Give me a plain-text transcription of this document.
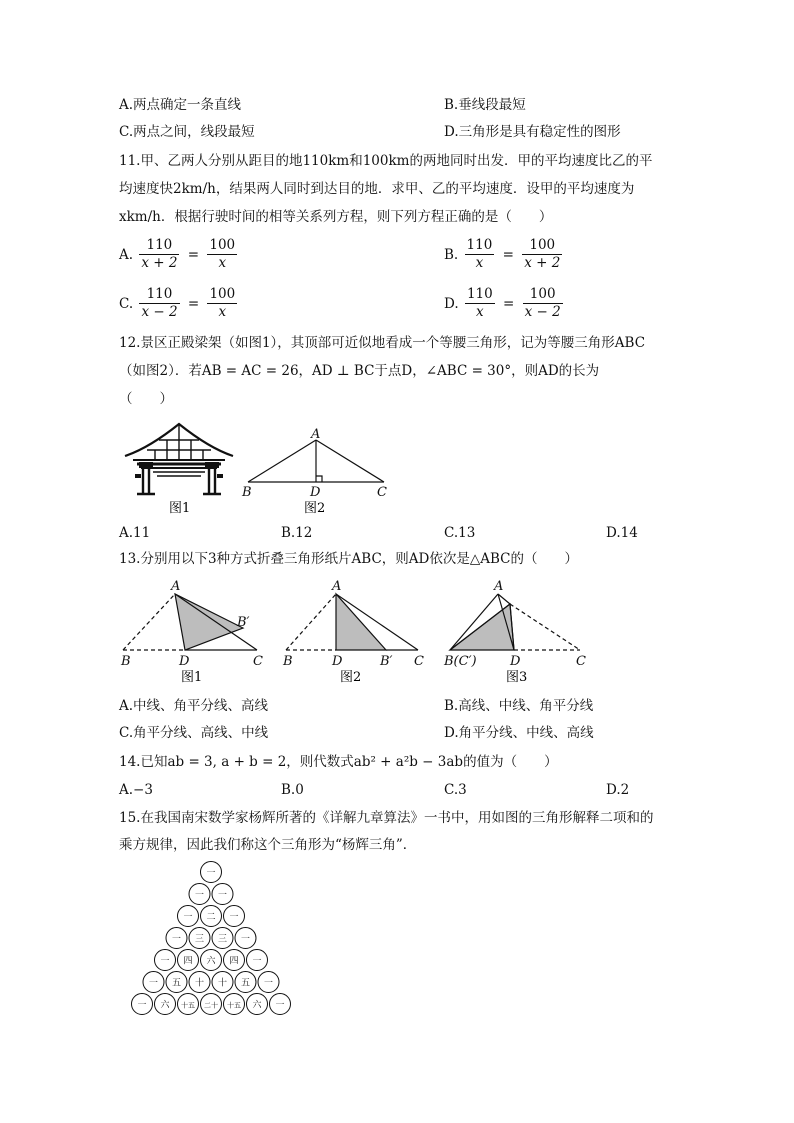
A.两点确定一条直线	B.垂线段最短
C.两点之间，线段最短	D.三角形是具有稳定性的图形
11.甲、乙两人分别从距目的地110km和100km的两地同时出发．甲的平均速度比乙的平
均速度快2km/h，结果两人同时到达目的地．求甲、乙的平均速度．设甲的平均速度为
xkm/h．根据行驶时间的相等关系列方程，则下列方程正确的是（　　）
A. $\frac{110}{x + 2} = \frac{100}{x}$	B. $\frac{110}{x} = \frac{100}{x + 2}$
C. $\frac{110}{x - 2} = \frac{100}{x}$	D. $\frac{110}{x} = \frac{100}{x - 2}$
12.景区正殿梁架（如图1），其顶部可近似地看成一个等腰三角形，记为等腰三角形ABC
（如图2）．若AB = AC = 26，AD ⊥ BC于点D，∠ABC = 30°，则AD的长为
（　　）
图1
A
B	D	C
图2
A.11	B.12	C.13	D.14
13.分别用以下3种方式折叠三角形纸片ABC，则AD依次是△ABC的（　　）
A
B	D	C
B′
图1
A
B	D	B′ C
图2
A
B(C′)	D	C
图3
A.中线、角平分线、高线	B.高线、中线、角平分线
C.角平分线、高线、中线	D.角平分线、中线、高线
14.已知ab = 3, a + b = 2，则代数式ab² + a²b − 3ab的值为（　　）
A.−3	B.0	C.3	D.2
15.在我国南宋数学家杨辉所著的《详解九章算法》一书中，用如图的三角形解释二项和的
乘方规律，因此我们称这个三角形为“杨辉三角”．
一
一 一
一 二 一
一 三 三 一
一 四 六 四 一
一 五 十 十 五 一
一 六 十五 二十 十五 六 一
